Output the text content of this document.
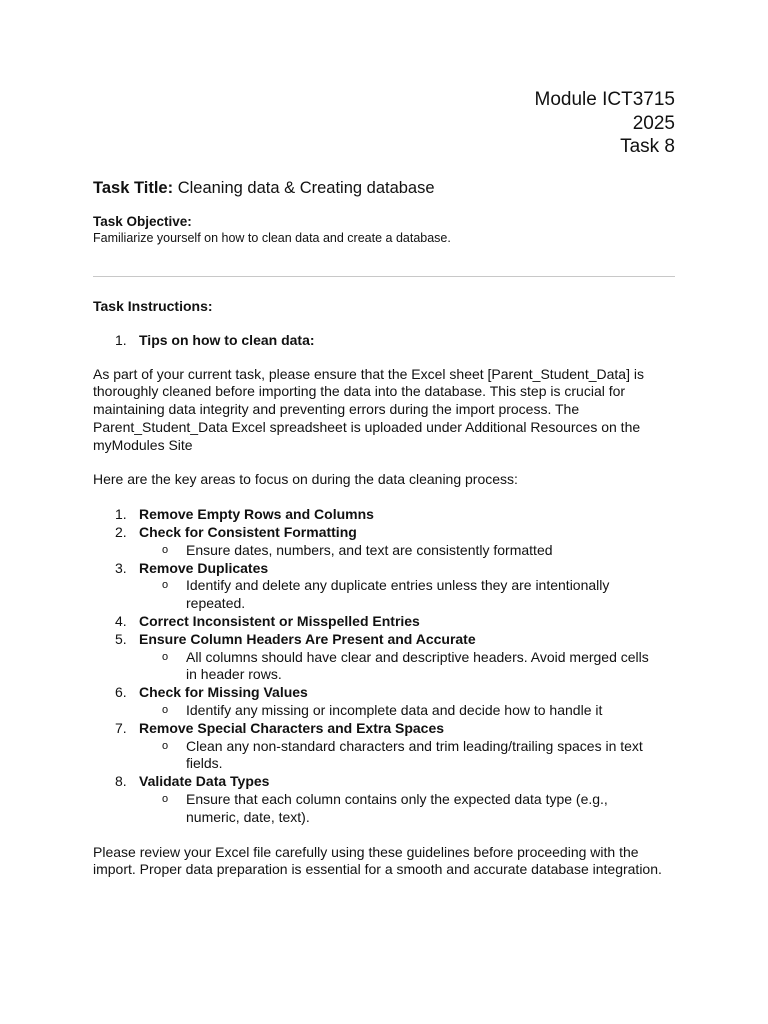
Module ICT3715
2025
Task 8
Task Title: Cleaning data & Creating database
Task Objective:
Familiarize yourself on how to clean data and create a database.
Task Instructions:
1. Tips on how to clean data:
As part of your current task, please ensure that the Excel sheet [Parent_Student_Data] is thoroughly cleaned before importing the data into the database. This step is crucial for maintaining data integrity and preventing errors during the import process. The Parent_Student_Data Excel spreadsheet is uploaded under Additional Resources on the myModules Site
Here are the key areas to focus on during the data cleaning process:
1. Remove Empty Rows and Columns
2. Check for Consistent Formatting
o Ensure dates, numbers, and text are consistently formatted
3. Remove Duplicates
o Identify and delete any duplicate entries unless they are intentionally repeated.
4. Correct Inconsistent or Misspelled Entries
5. Ensure Column Headers Are Present and Accurate
o All columns should have clear and descriptive headers. Avoid merged cells in header rows.
6. Check for Missing Values
o Identify any missing or incomplete data and decide how to handle it
7. Remove Special Characters and Extra Spaces
o Clean any non-standard characters and trim leading/trailing spaces in text fields.
8. Validate Data Types
o Ensure that each column contains only the expected data type (e.g., numeric, date, text).
Please review your Excel file carefully using these guidelines before proceeding with the import. Proper data preparation is essential for a smooth and accurate database integration.
